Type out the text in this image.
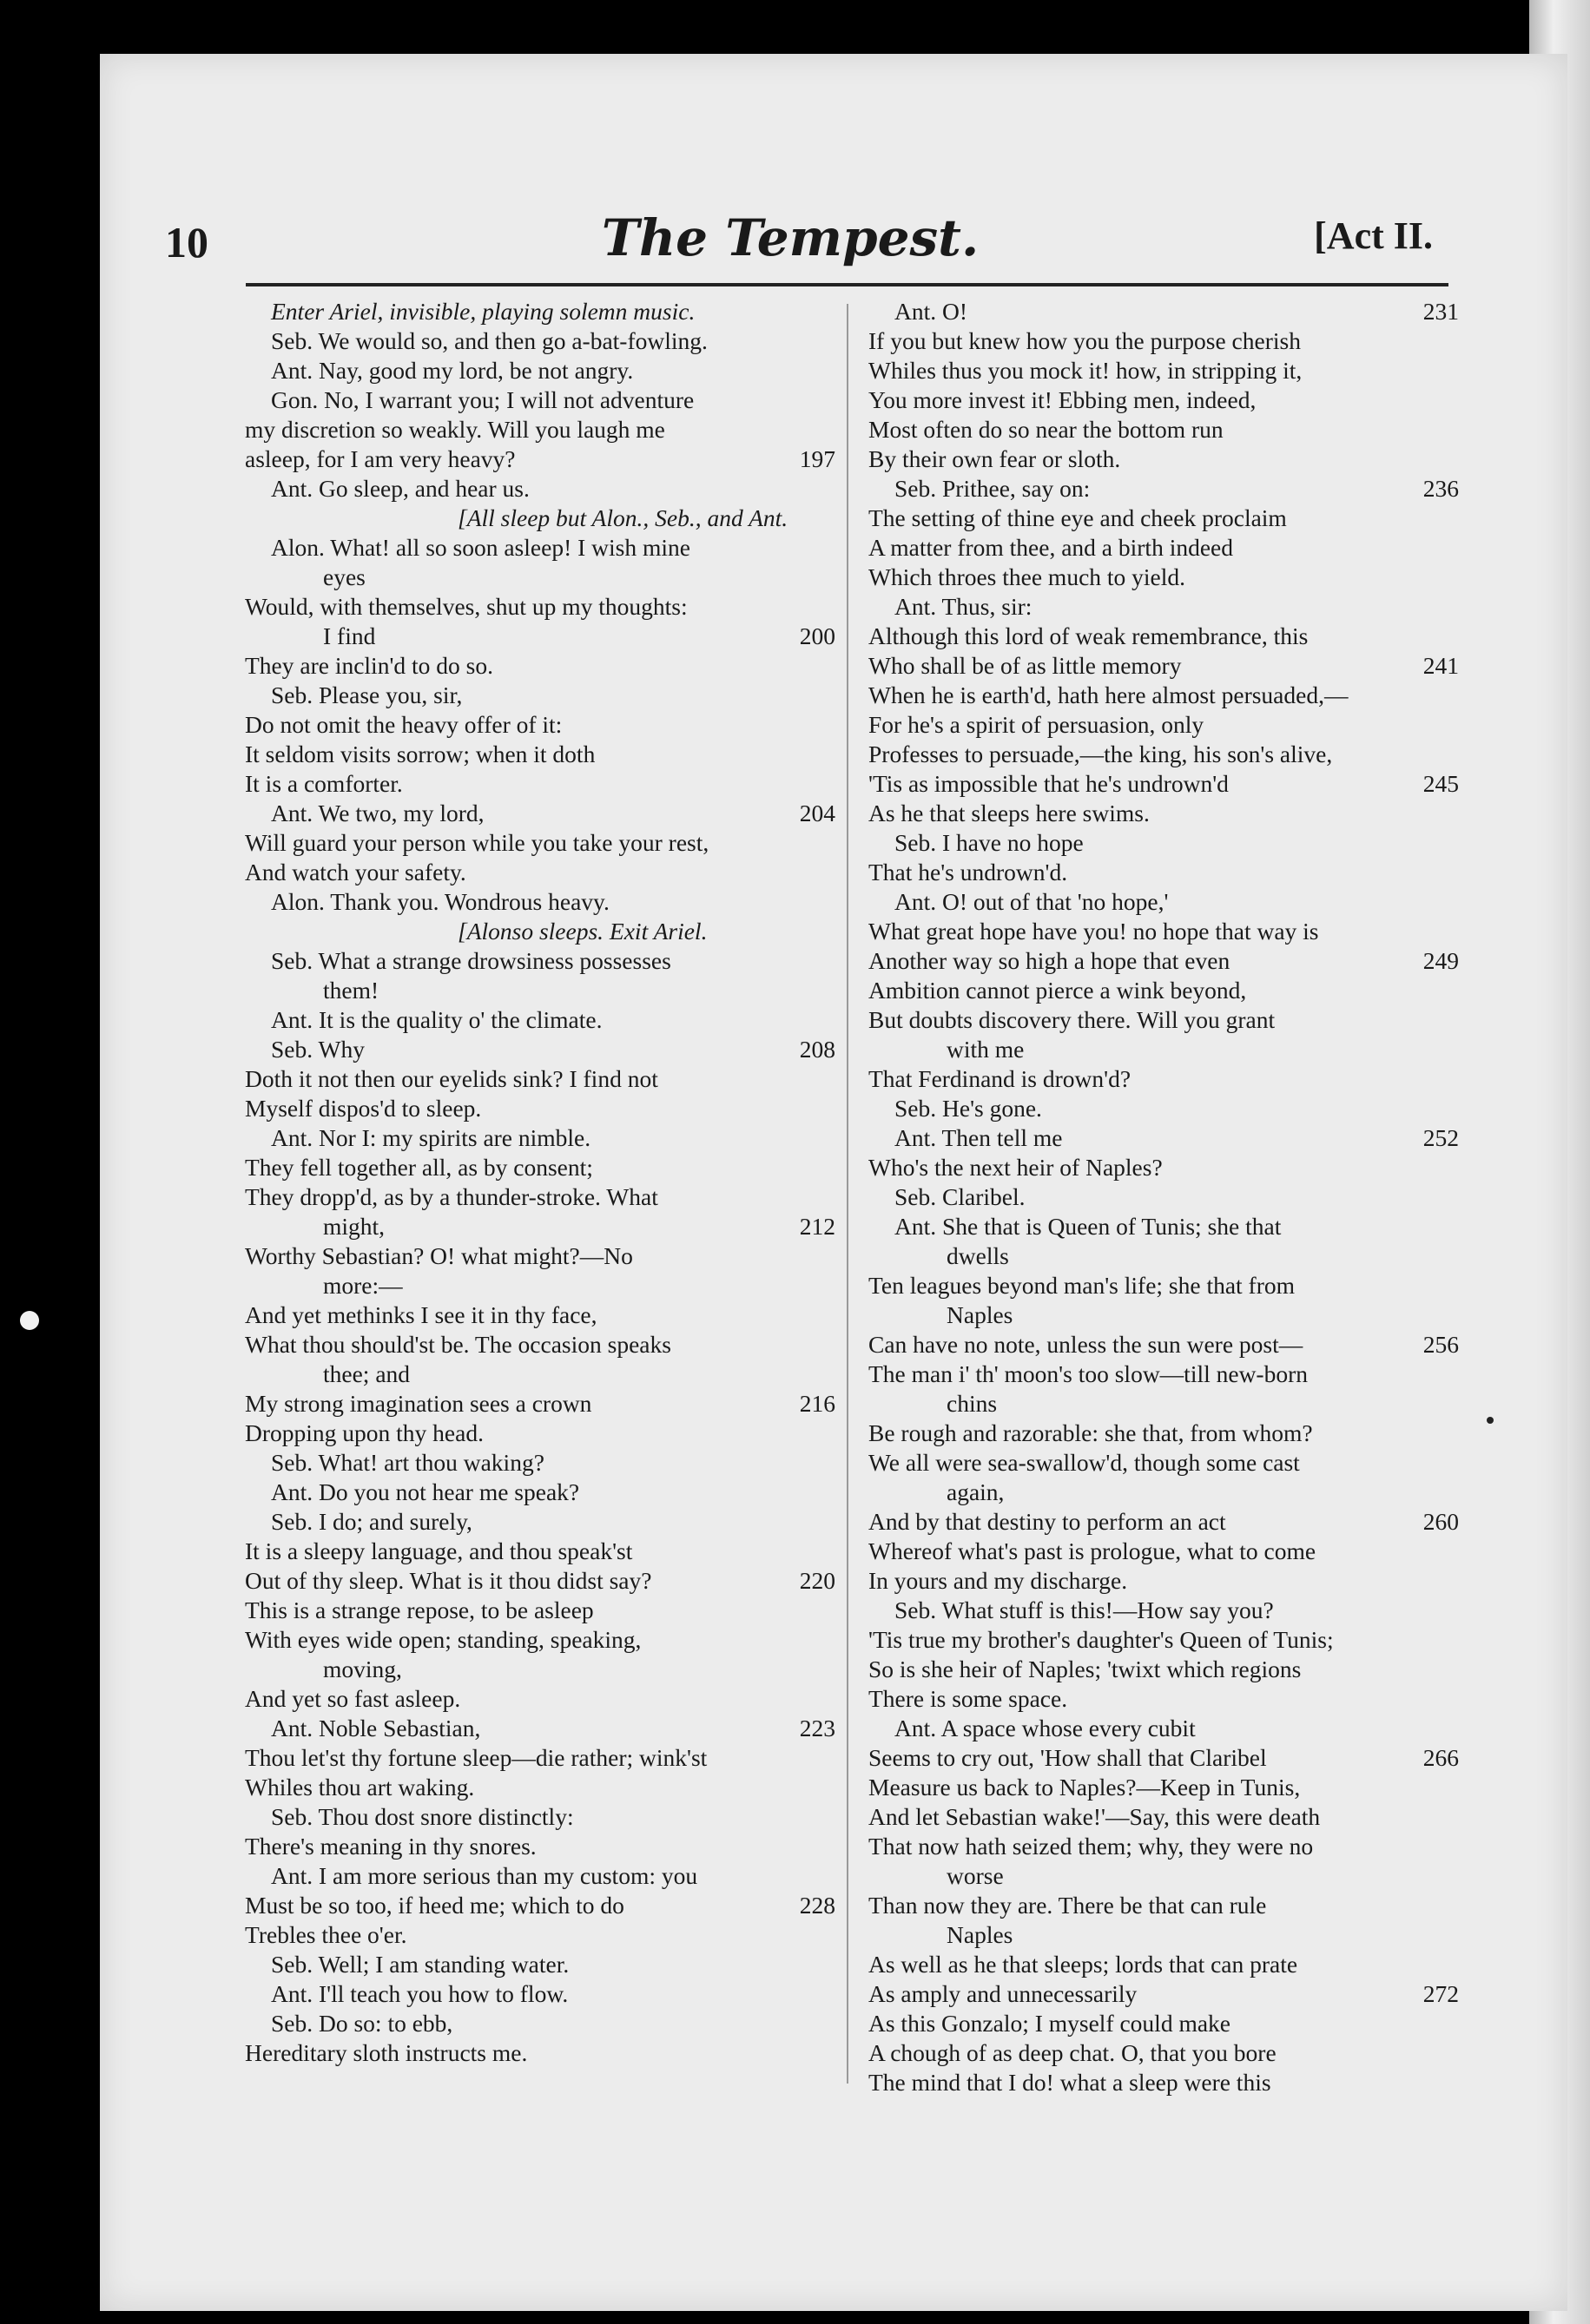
10	The Tempest.	[Act II.
Enter Ariel, invisible, playing solemn music.
Seb. We would so, and then go a-bat-fowling.
Ant. Nay, good my lord, be not angry.
Gon. No, I warrant you; I will not adventure
my discretion so weakly. Will you laugh me
asleep, for I am very heavy?	197
Ant. Go sleep, and hear us.
[All sleep but Alon., Seb., and Ant.
Alon. What! all so soon asleep! I wish mine
eyes
Would, with themselves, shut up my thoughts:
I find	200
They are inclin'd to do so.
Seb. Please you, sir,
Do not omit the heavy offer of it:
It seldom visits sorrow; when it doth
It is a comforter.
Ant. We two, my lord,	204
Will guard your person while you take your rest,
And watch your safety.
Alon. Thank you. Wondrous heavy.
[Alonso sleeps. Exit Ariel.
Seb. What a strange drowsiness possesses
them!
Ant. It is the quality o' the climate.
Seb. Why	208
Doth it not then our eyelids sink? I find not
Myself dispos'd to sleep.
Ant. Nor I: my spirits are nimble.
They fell together all, as by consent;
They dropp'd, as by a thunder-stroke. What
might,	212
Worthy Sebastian? O! what might?—No
more:—
And yet methinks I see it in thy face,
What thou should'st be. The occasion speaks
thee; and
My strong imagination sees a crown	216
Dropping upon thy head.
Seb. What! art thou waking?
Ant. Do you not hear me speak?
Seb. I do; and surely,
It is a sleepy language, and thou speak'st
Out of thy sleep. What is it thou didst say?	220
This is a strange repose, to be asleep
With eyes wide open; standing, speaking,
moving,
And yet so fast asleep.
Ant. Noble Sebastian,	223
Thou let'st thy fortune sleep—die rather; wink'st
Whiles thou art waking.
Seb. Thou dost snore distinctly:
There's meaning in thy snores.
Ant. I am more serious than my custom: you
Must be so too, if heed me; which to do	228
Trebles thee o'er.
Seb. Well; I am standing water.
Ant. I'll teach you how to flow.
Seb. Do so: to ebb,
Hereditary sloth instructs me.
Ant. O!	231
If you but knew how you the purpose cherish
Whiles thus you mock it! how, in stripping it,
You more invest it! Ebbing men, indeed,
Most often do so near the bottom run
By their own fear or sloth.
Seb. Prithee, say on:	236
The setting of thine eye and cheek proclaim
A matter from thee, and a birth indeed
Which throes thee much to yield.
Ant. Thus, sir:
Although this lord of weak remembrance, this
Who shall be of as little memory	241
When he is earth'd, hath here almost persuaded,—
For he's a spirit of persuasion, only
Professes to persuade,—the king, his son's alive,
'Tis as impossible that he's undrown'd	245
As he that sleeps here swims.
Seb. I have no hope
That he's undrown'd.
Ant. O! out of that 'no hope,'
What great hope have you! no hope that way is
Another way so high a hope that even	249
Ambition cannot pierce a wink beyond,
But doubts discovery there. Will you grant
with me
That Ferdinand is drown'd?
Seb. He's gone.
Ant. Then tell me	252
Who's the next heir of Naples?
Seb. Claribel.
Ant. She that is Queen of Tunis; she that
dwells
Ten leagues beyond man's life; she that from
Naples
Can have no note, unless the sun were post—	256
The man i' th' moon's too slow—till new-born
chins
Be rough and razorable: she that, from whom?
We all were sea-swallow'd, though some cast
again,
And by that destiny to perform an act	260
Whereof what's past is prologue, what to come
In yours and my discharge.
Seb. What stuff is this!—How say you?
'Tis true my brother's daughter's Queen of Tunis;
So is she heir of Naples; 'twixt which regions
There is some space.
Ant. A space whose every cubit
Seems to cry out, 'How shall that Claribel	266
Measure us back to Naples?—Keep in Tunis,
And let Sebastian wake!'—Say, this were death
That now hath seized them; why, they were no
worse
Than now they are. There be that can rule
Naples
As well as he that sleeps; lords that can prate
As amply and unnecessarily	272
As this Gonzalo; I myself could make
A chough of as deep chat. O, that you bore
The mind that I do! what a sleep were this
